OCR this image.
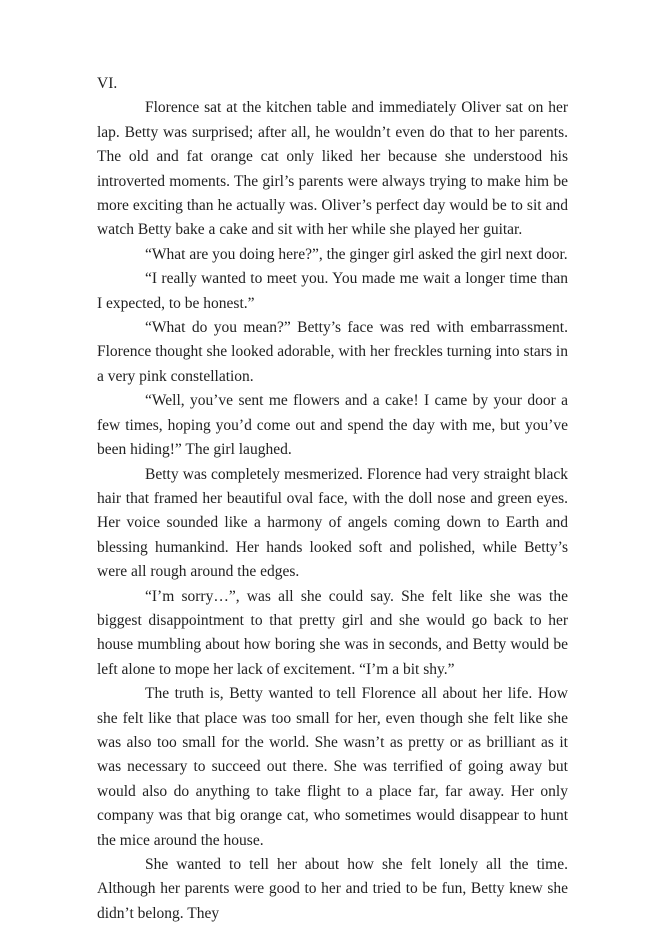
VI.

Florence sat at the kitchen table and immediately Oliver sat on her lap. Betty was surprised; after all, he wouldn’t even do that to her parents. The old and fat orange cat only liked her because she understood his introverted moments. The girl’s parents were always trying to make him be more exciting than he actually was. Oliver’s perfect day would be to sit and watch Betty bake a cake and sit with her while she played her guitar.

“What are you doing here?”, the ginger girl asked the girl next door.

“I really wanted to meet you. You made me wait a longer time than I expected, to be honest.”

“What do you mean?” Betty’s face was red with embarrassment. Florence thought she looked adorable, with her freckles turning into stars in a very pink constellation.

“Well, you’ve sent me flowers and a cake! I came by your door a few times, hoping you’d come out and spend the day with me, but you’ve been hiding!” The girl laughed.

Betty was completely mesmerized. Florence had very straight black hair that framed her beautiful oval face, with the doll nose and green eyes. Her voice sounded like a harmony of angels coming down to Earth and blessing humankind. Her hands looked soft and polished, while Betty’s were all rough around the edges.

“I’m sorry…”, was all she could say. She felt like she was the biggest disappointment to that pretty girl and she would go back to her house mumbling about how boring she was in seconds, and Betty would be left alone to mope her lack of excitement. “I’m a bit shy.”

The truth is, Betty wanted to tell Florence all about her life. How she felt like that place was too small for her, even though she felt like she was also too small for the world. She wasn’t as pretty or as brilliant as it was necessary to succeed out there. She was terrified of going away but would also do anything to take flight to a place far, far away. Her only company was that big orange cat, who sometimes would disappear to hunt the mice around the house.

She wanted to tell her about how she felt lonely all the time. Although her parents were good to her and tried to be fun, Betty knew she didn’t belong. They
